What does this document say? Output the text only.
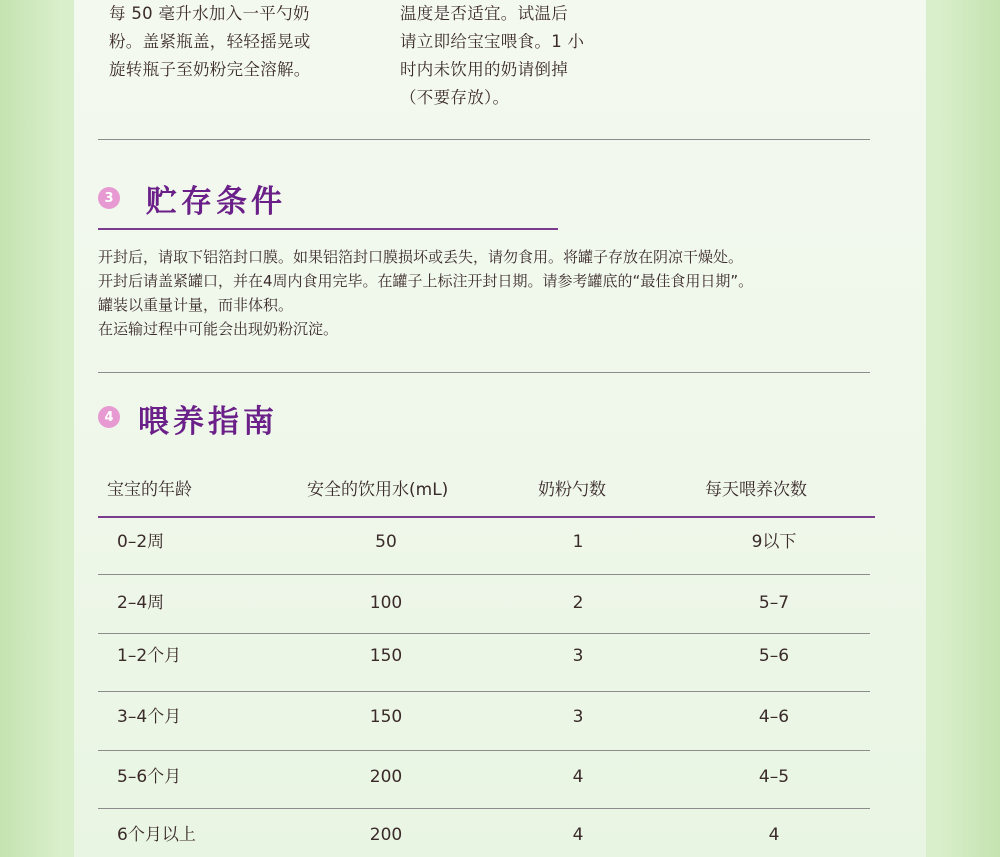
每 50 毫升水加入一平勺奶
粉。盖紧瓶盖，轻轻摇晃或
旋转瓶子至奶粉完全溶解。
温度是否适宜。试温后
请立即给宝宝喂食。1 小
时内未饮用的奶请倒掉
（不要存放）。
3 贮存条件
开封后，请取下铝箔封口膜。如果铝箔封口膜损坏或丢失，请勿食用。将罐子存放在阴凉干燥处。
开封后请盖紧罐口，并在4周内食用完毕。在罐子上标注开封日期。请参考罐底的“最佳食用日期”。
罐装以重量计量，而非体积。
在运输过程中可能会出现奶粉沉淀。
4 喂养指南
宝宝的年龄	安全的饮用水(mL)	奶粉勺数	每天喂养次数
0–2周	50	1	9以下
2–4周	100	2	5–7
1–2个月	150	3	5–6
3–4个月	150	3	4–6
5–6个月	200	4	4–5
6个月以上	200	4	4
